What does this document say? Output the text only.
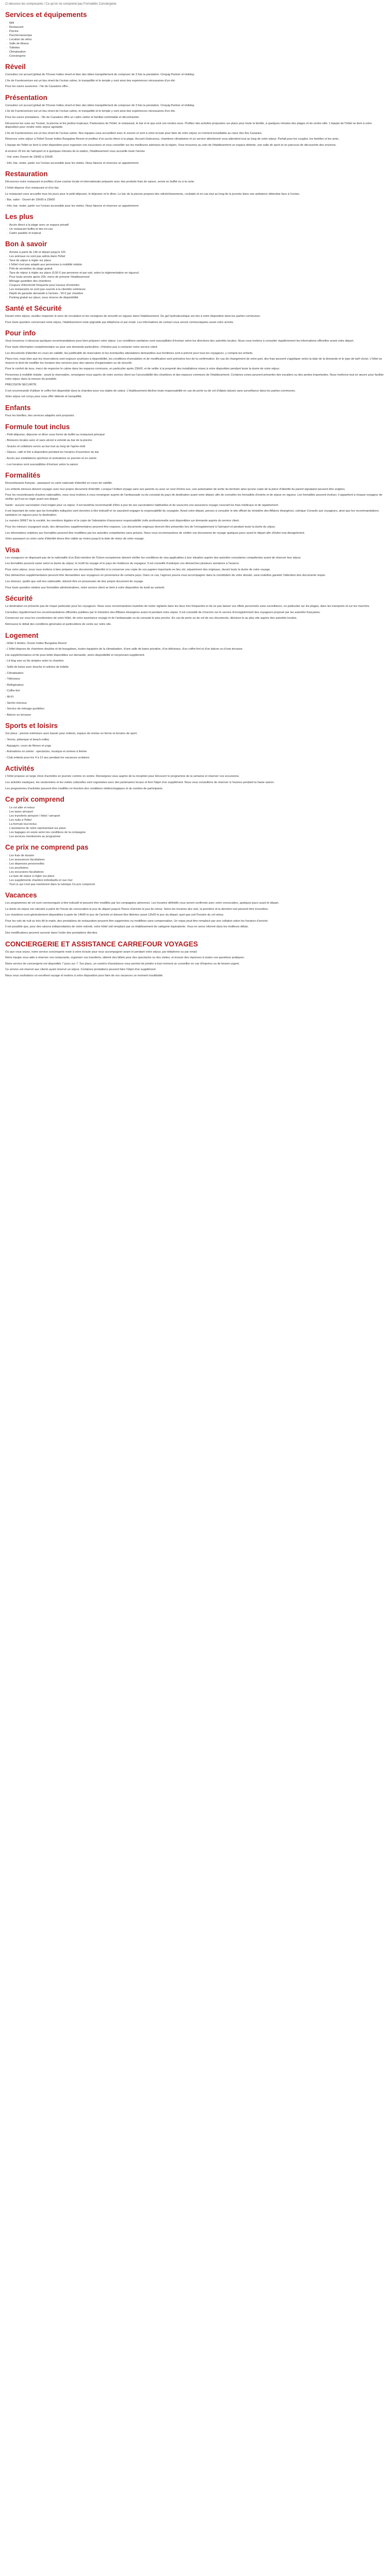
Ci-dessous les composants / Ce qu'on ne comprend pas Formalités Conciergerie
Services et équipements
· Wifi
· Restaurant
· Piscine
· Parc/terrasse/spa
· Location de vélos
· Salle de fitness
· Toilettes
· Climatisation
· Conciergerie
Réveil
Consultez cet accueil global de l'Ocean Indies réveil et bien des idées tranquillement de composer de 3 fois la prestation. Cinquig Partner et Holiday.
L'ile de Fuerteventure est un lieu réveil de l'océan calme, le tranquillité et le temple y sont ainsi des expériences nécessaires d'un été.
Pour les suivre avancées : l'ile de Cazadore offre...
Présentation
Consultez cet accueil global de l'Ocean Indies réveil et bien des idées tranquillement de composer de 3 fois la prestation. Cinquig Partner et Holiday.
L'ile de Fuerteventure est un lieu réveil de l'océan calme, le tranquillité et le temple y sont ainsi des expériences nécessaires d'un été.
Pour les suivre prestations : l'ile de Cazadore offre un cadre calme et familial confortable et décontractée.
Découvrez les vues sur l'océan, la piscine et les jardins tropicaux. Partenaires de l'hôtel, le restaurant, le bar et le spa sont vos rendez-vous. Profitez des activités proposées sur place pour toute la famille, à quelques minutes des plages et du centre-ville. L'équipe de l'hôtel se tient à votre disposition pour rendre votre séjour agréable.
L'ile de Fuerteventure est un lieu réveil de l'océan calme. Nos équipes vous accueillent avec le sourire et sont à votre écoute pour faire de votre séjour un moment inoubliable au cœur des îles Canaries.
Réservez votre séjour à l'hôtel Ocean Indies Bungalow Resort et profitez d'un accès direct à la plage. Accueil chaleureux, chambres climatisées et un service attentionné vous attendent tout au long de votre séjour. Parfait pour les couples, les familles et les amis.
L'équipe de l'hôtel se tient à votre disposition pour organiser vos excursions et vous conseiller sur les meilleures adresses de la région. Vous trouverez au sein de l'établissement un espace détente, une salle de sport et un parcours de découverte des environs.
A environ 20 km de l'aéroport et à quelques minutes de la station, l'établissement vous accueille toute l'année.
- Voir votre Ouvert de 10h00 à 22h30
- Info, bar, rester, parler sur l'océan accessible pour les visites. Nous faisons et réservez un appartement.
Restauration
Découvrez notre restaurant et profitez d'une cuisine locale et internationale préparée avec des produits frais de saison, servie en buffet ou à la carte.
L'hôtel dispose d'un restaurant et d'un bar.
Le restaurant vous accueille tous les jours pour le petit-déjeuner, le déjeuner et le dîner. Le bar de la piscine propose des rafraîchissements, cocktails et en-cas tout au long de la journée dans une ambiance détendue face à l'océan.
- Bar, salon : Ouvert de 10h00 à 23h00
- Info, bar, rester, parler sur l'océan accessible pour les visites. Nous faisons et réservez un appartement.
Les plus
· Accès direct à la plage avec un espace privatif
· Un restaurant buffet et des en-cas
· Cadre paisible et tropical
Bon à savoir
· Arrivée à partir de 14h et départ jusqu'à 12h
· Les animaux ne sont pas admis dans l'hôtel
· Taxe de séjour à régler sur place
· L'hôtel n'est pas adapté aux personnes à mobilité réduite
· Prêt de serviettes de plage gratuit
· Taxe de séjour à régler sur place (0,50 € par personne et par nuit, selon la réglementation en vigueur)
· Pour toute arrivée après 20h, merci de prévenir l'établissement
· Ménage quotidien des chambres
· Coupure d'électricité fréquente pour travaux d'entretien
· Les restaurants ne sont pas ouverts à la clientèle extérieure
· Dépôt de garantie demandé à l'arrivée : 50 € par chambre
· Parking gratuit sur place, sous réserve de disponibilité
Santé et Sécurité
Durant votre séjour, veuillez respecter le sens de circulation et les consignes de sécurité en vigueur dans l'établissement. Du gel hydroalcoolique est mis à votre disposition dans les parties communes.
Pour toute question concernant votre séjour, l'établissement reste joignable par téléphone et par email. Les informations de contact vous seront communiquées avant votre arrivée.
Pour info
Vous trouverez ci-dessous quelques recommandations pour bien préparer votre séjour. Les conditions sanitaires sont susceptibles d'évoluer selon les directives des autorités locales. Nous vous invitons à consulter régulièrement les informations officielles avant votre départ.
Pour toute information complémentaire ou pour une demande particulière, n'hésitez pas à contacter notre service client.
Les documents d'identité en cours de validité, les justificatifs de réservation et les éventuelles attestations demandées aux frontières sont à prévoir pour tous les voyageurs, y compris les enfants.
Plans-moi, mais bien que les réservations sont toujours soumises à disponibilité, les conditions d'annulation et de modification sont précisées lors de la confirmation. En cas de changement de votre part, des frais peuvent s'appliquer selon la date de la demande et le type de tarif choisi. L'hôtel se réserve le droit de modifier les horaires des services pour des raisons d'organisation ou de sécurité.
Pour le confort de tous, merci de respecter le calme dans les espaces communs, en particulier après 23h00, et de veiller à la propreté des installations mises à votre disposition pendant toute la durée de votre séjour.
Personnes à mobilité réduite : avant la réservation, renseignez-vous auprès de notre service client sur l'accessibilité des chambres et des espaces communs de l'établissement. Certaines zones peuvent présenter des escaliers ou des pentes importantes. Nous mettrons tout en œuvre pour faciliter votre séjour dans la mesure du possible.
PRÉCISION SÉCURITÉ
Il est recommandé d'utiliser le coffre-fort disponible dans la chambre pour vos objets de valeur. L'établissement décline toute responsabilité en cas de perte ou de vol d'objets laissés sans surveillance dans les parties communes.
Votre séjour est conçu pour vous offrir détente et tranquillité.
Enfants
Pour les familles, des services adaptés sont proposés.
Formule tout inclus
- Petit-déjeuner, déjeuner et dîner sous forme de buffet au restaurant principal
- Boissons locales avec et sans alcool à volonté au bar de la piscine
- Snacks et collations servis au bar tout au long de l'après-midi
- Glaces, café et thé à disposition pendant les horaires d'ouverture du bar
- Accès aux installations sportives et animations en journée et en soirée
- Les horaires sont susceptibles d'évoluer selon la saison
Formalités
Ressortissants français : passeport ou carte nationale d'identité en cours de validité.
Les enfants mineurs doivent voyager avec leur propre document d'identité. Lorsque l'enfant voyage sans ses parents ou avec un seul d'entre eux, une autorisation de sortie du territoire ainsi qu'une copie de la pièce d'identité du parent signataire peuvent être exigées.
Pour les ressortissants d'autres nationalités, nous vous invitons à vous renseigner auprès de l'ambassade ou du consulat du pays de destination avant votre départ, afin de connaître les formalités d'entrée et de séjour en vigueur. Les formalités peuvent évoluer, il appartient à chaque voyageur de vérifier qu'il est en règle avant son départ.
Santé : aucune vaccination n'est exigée pour ce séjour. Il est toutefois recommandé d'être à jour de ses vaccinations habituelles et de souscrire une assurance voyage couvrant les frais médicaux et de rapatriement.
Il est important de noter que les formalités indiquées sont données à titre indicatif et ne sauraient engager la responsabilité du voyagiste. Avant votre départ, pensez à consulter le site officiel du ministère des Affaires étrangères, rubrique Conseils aux voyageurs, ainsi que les recommandations sanitaires en vigueur pour la destination.
Le numéro SIRET de la société, les mentions légales et la copie de l'attestation d'assurance responsabilité civile professionnelle sont disponibles sur demande auprès du service client.
Pour les mineurs voyageant seuls, des démarches supplémentaires peuvent être requises. Les documents originaux devront être présentés lors de l'enregistrement à l'aéroport et pendant toute la durée du séjour.
Les informations relatives aux formalités peuvent être modifiées par les autorités compétentes sans préavis. Nous vous recommandons de vérifier vos documents de voyage quelques jours avant le départ afin d'éviter tout désagrément.
Votre passeport ou votre carte d'identité devra être valide au moins jusqu'à la date de retour de votre voyage.
Visa
Les voyageurs ne disposant pas de la nationalité d'un État membre de l'Union européenne doivent vérifier les conditions de visa applicables à leur situation auprès des autorités consulaires compétentes avant de réserver leur séjour.
Les formalités peuvent varier selon la durée du séjour, le motif du voyage et le pays de résidence du voyageur. Il est conseillé d'anticiper ces démarches plusieurs semaines à l'avance.
Pour votre séjour, nous vous invitons à bien préparer vos documents d'identité et à conserver une copie de vos papiers importants en lieu sûr, séparément des originaux, durant toute la durée de votre voyage.
Des démarches supplémentaires peuvent être demandées aux voyageurs en provenance de certains pays. Dans ce cas, l'agence pourra vous accompagner dans la constitution de votre dossier, sans toutefois garantir l'obtention des documents requis.
Les mineurs, quelle que soit leur nationalité, doivent être en possession de leur propre document de voyage.
Pour toute question relative aux formalités administratives, notre service client se tient à votre disposition du lundi au samedi.
Sécurité
La destination ne présente pas de risque particulier pour les voyageurs. Nous vous recommandons toutefois de rester vigilants dans les lieux très fréquentés et de ne pas laisser vos effets personnels sans surveillance, en particulier sur les plages, dans les transports et sur les marchés.
Consultez régulièrement les recommandations officielles publiées par le ministère des Affaires étrangères avant et pendant votre séjour. Il est conseillé de s'inscrire sur le service d'enregistrement des voyageurs proposé par les autorités françaises.
Conservez sur vous les coordonnées de votre hôtel, de votre assistance voyage et de l'ambassade ou du consulat le plus proche. En cas de perte ou de vol de vos documents, déclarez-le au plus vite auprès des autorités locales.
Retrouvez le détail des conditions générales et particulières de vente sur notre site.
Logement
- Hôtel 3 étoiles, Ocean Indies Bungalow Resort
- L'hôtel dispose de chambres doubles et de bungalows, toutes équipées de la climatisation, d'une salle de bains privative, d'un téléviseur, d'un coffre-fort et d'un balcon ou d'une terrasse.
Lits supplémentaires et lits pour bébé disponibles sur demande, selon disponibilité et moyennant supplément.
- Lit king size ou lits simples selon la chambre
- Salle de bains avec douche et articles de toilette
- Climatisation
- Téléviseur
- Réfrigérateur
- Coffre-fort
- Wi-Fi
- Sèche-cheveux
- Service de ménage quotidien
- Balcon ou terrasse
Sports et loisirs
Sur place : piscine extérieure avec bassin pour enfants, espace de remise en forme et terrains de sport.
- Tennis, pétanque et beach-volley
- Aquagym, cours de fitness et yoga
- Animations en soirée : spectacles, musique et soirées à thème
- Club enfants pour les 4 à 12 ans pendant les vacances scolaires
Activités
L'hôtel propose un large choix d'activités en journée comme en soirée. Renseignez-vous auprès de la réception pour découvrir le programme de la semaine et réserver vos excursions.
Les activités nautiques, les randonnées et les visites culturelles sont organisées avec des partenaires locaux et font l'objet d'un supplément. Nous vous conseillons de réserver à l'avance pendant la haute saison.
Les programmes d'activités peuvent être modifiés en fonction des conditions météorologiques et du nombre de participants.
Ce prix comprend
· Le vol aller et retour
· Les taxes aéroport
· Les transferts aéroport / hôtel / aéroport
· Les nuits à l'hôtel
· La formule tout inclus
· L'assistance de notre représentant sur place
· Les bagages en soute selon les conditions de la compagnie
· Les services mentionnés au programme
Ce prix ne comprend pas
· Les frais de dossier
· Les assurances facultatives
· Les dépenses personnelles
· Les pourboires
· Les excursions facultatives
· La taxe de séjour à régler sur place
· Les suppléments chambre individuelle et vue mer
· Tout ce qui n'est pas mentionné dans la rubrique Ce prix comprend
Vacances
Les programmes de vol sont communiqués à titre indicatif et peuvent être modifiés par les compagnies aériennes. Les horaires définitifs vous seront confirmés avec votre convocation, quelques jours avant le départ.
La durée du séjour est calculée à partir de l'heure de convocation le jour du départ jusqu'à l'heure d'arrivée le jour du retour. Selon les horaires des vols, la première et la dernière nuit peuvent être écourtées.
Les chambres sont généralement disponibles à partir de 14h00 le jour de l'arrivée et doivent être libérées avant 12h00 le jour du départ, quel que soit l'horaire du vol retour.
Pour les vols de nuit ou très tôt le matin, des prestations de restauration peuvent être supprimées ou modifiées sans compensation. Un repas peut être remplacé par une collation selon les horaires d'arrivée.
Il est possible que, pour des raisons indépendantes de notre volonté, votre hôtel soit remplacé par un établissement de catégorie équivalente. Vous en serez informé dans les meilleurs délais.
Des modifications peuvent survenir dans l'ordre des prestations décrites.
CONCIERGERIE ET ASSISTANCE CARREFOUR VOYAGES
Où que vous soyez, notre service conciergerie reste à votre écoute pour vous accompagner avant et pendant votre séjour, par téléphone ou par email.
Notre équipe vous aide à réserver vos restaurants, organiser vos transferts, obtenir des billets pour des spectacles ou des visites, et trouver des réponses à toutes vos questions pratiques.
Notre service de conciergerie est disponible 7 jours sur 7. Sur place, un numéro d'assistance vous permet de joindre à tout moment un conseiller en cas d'imprévu ou de besoin urgent.
Ce service est réservé aux clients ayant réservé un séjour. Certaines prestations peuvent faire l'objet d'un supplément.
Nous vous souhaitons un excellent voyage et restons à votre disposition pour faire de vos vacances un moment inoubliable.
